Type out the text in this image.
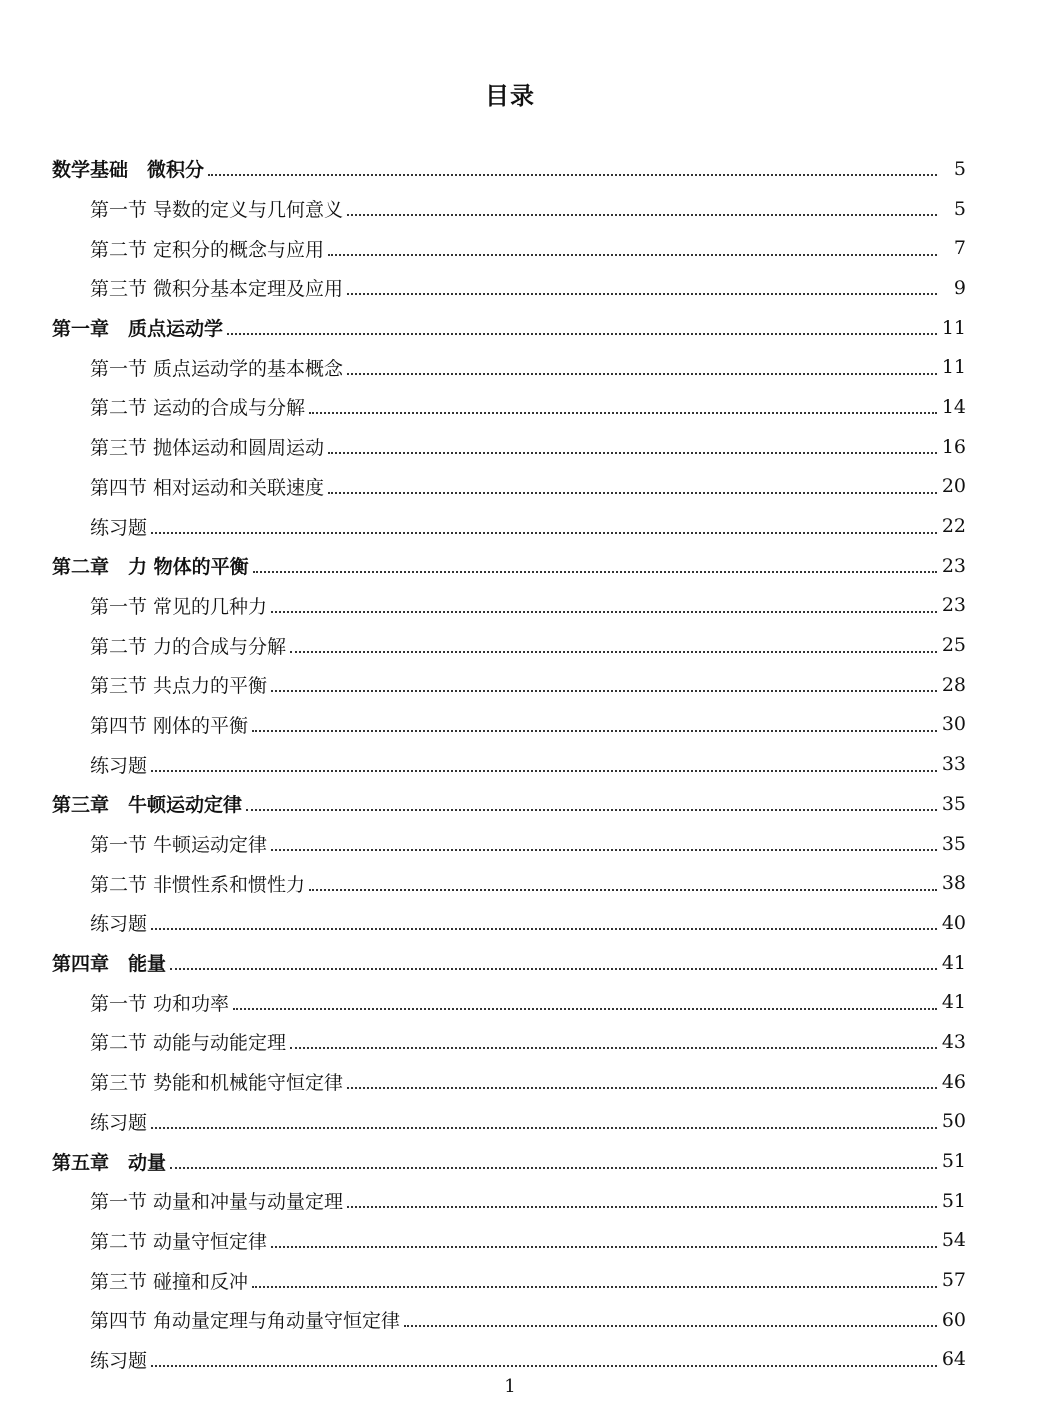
目录
数学基础　微积分	5
第一节 导数的定义与几何意义	5
第二节 定积分的概念与应用	7
第三节 微积分基本定理及应用	9
第一章　质点运动学	11
第一节 质点运动学的基本概念	11
第二节 运动的合成与分解	14
第三节 抛体运动和圆周运动	16
第四节 相对运动和关联速度	20
练习题	22
第二章　力 物体的平衡	23
第一节 常见的几种力	23
第二节 力的合成与分解	25
第三节 共点力的平衡	28
第四节 刚体的平衡	30
练习题	33
第三章　牛顿运动定律	35
第一节 牛顿运动定律	35
第二节 非惯性系和惯性力	38
练习题	40
第四章　能量	41
第一节 功和功率	41
第二节 动能与动能定理	43
第三节 势能和机械能守恒定律	46
练习题	50
第五章　动量	51
第一节 动量和冲量与动量定理	51
第二节 动量守恒定律	54
第三节 碰撞和反冲	57
第四节 角动量定理与角动量守恒定律	60
练习题	64
1
